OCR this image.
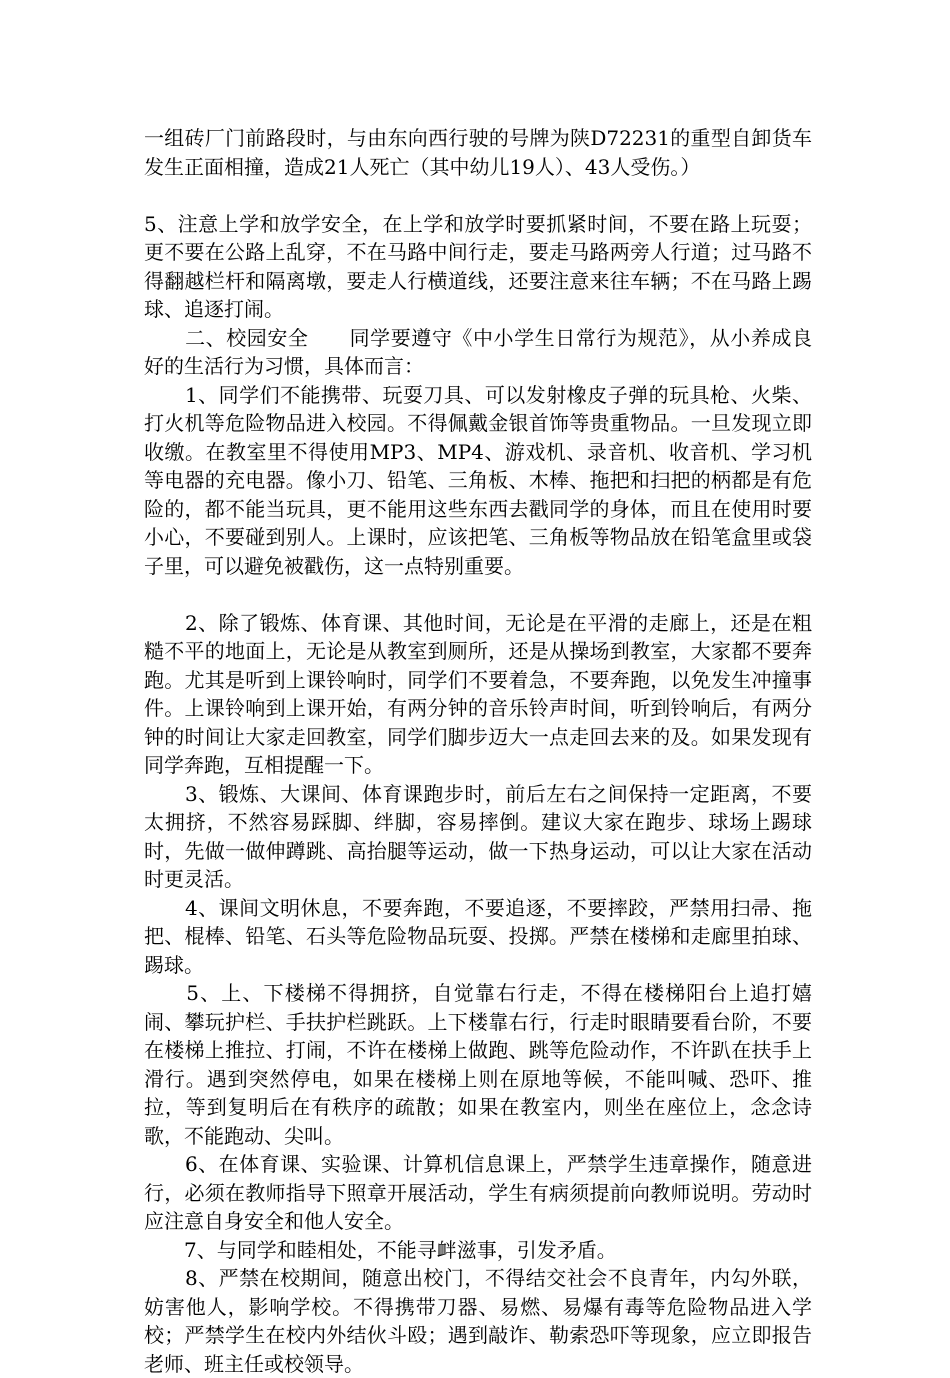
一组砖厂门前路段时，与由东向西行驶的号牌为陕D72231的重型自卸货车发生正面相撞，造成21人死亡（其中幼儿19人）、43人受伤。）

5、注意上学和放学安全，在上学和放学时要抓紧时间，不要在路上玩耍；更不要在公路上乱穿，不在马路中间行走，要走马路两旁人行道；过马路不得翻越栏杆和隔离墩，要走人行横道线，还要注意来往车辆；不在马路上踢球、追逐打闹。

　　二、校园安全　　同学要遵守《中小学生日常行为规范》，从小养成良好的生活行为习惯，具体而言：

　　1、同学们不能携带、玩耍刀具、可以发射橡皮子弹的玩具枪、火柴、打火机等危险物品进入校园。不得佩戴金银首饰等贵重物品。一旦发现立即收缴。在教室里不得使用MP3、MP4、游戏机、录音机、收音机、学习机等电器的充电器。像小刀、铅笔、三角板、木棒、拖把和扫把的柄都是有危险的，都不能当玩具，更不能用这些东西去戳同学的身体，而且在使用时要小心，不要碰到别人。上课时，应该把笔、三角板等物品放在铅笔盒里或袋子里，可以避免被戳伤，这一点特别重要。

　　2、除了锻炼、体育课、其他时间，无论是在平滑的走廊上，还是在粗糙不平的地面上，无论是从教室到厕所，还是从操场到教室，大家都不要奔跑。尤其是听到上课铃响时，同学们不要着急，不要奔跑，以免发生冲撞事件。上课铃响到上课开始，有两分钟的音乐铃声时间，听到铃响后，有两分钟的时间让大家走回教室，同学们脚步迈大一点走回去来的及。如果发现有同学奔跑，互相提醒一下。

　　3、锻炼、大课间、体育课跑步时，前后左右之间保持一定距离，不要太拥挤，不然容易踩脚、绊脚，容易摔倒。建议大家在跑步、球场上踢球时，先做一做伸蹲跳、高抬腿等运动，做一下热身运动，可以让大家在活动时更灵活。

　　4、课间文明休息，不要奔跑，不要追逐，不要摔跤，严禁用扫帚、拖把、棍棒、铅笔、石头等危险物品玩耍、投掷。严禁在楼梯和走廊里拍球、踢球。

　　5、上、下楼梯不得拥挤，自觉靠右行走，不得在楼梯阳台上追打嬉闹、攀玩护栏、手扶护栏跳跃。上下楼靠右行，行走时眼睛要看台阶，不要在楼梯上推拉、打闹，不许在楼梯上做跑、跳等危险动作，不许趴在扶手上滑行。遇到突然停电，如果在楼梯上则在原地等候，不能叫喊、恐吓、推拉，等到复明后在有秩序的疏散；如果在教室内，则坐在座位上，念念诗歌，不能跑动、尖叫。

　　6、在体育课、实验课、计算机信息课上，严禁学生违章操作，随意进行，必须在教师指导下照章开展活动，学生有病须提前向教师说明。劳动时应注意自身安全和他人安全。

　　7、与同学和睦相处，不能寻衅滋事，引发矛盾。

　　8、严禁在校期间，随意出校门，不得结交社会不良青年，内勾外联，妨害他人，影响学校。不得携带刀器、易燃、易爆有毒等危险物品进入学校；严禁学生在校内外结伙斗殴；遇到敲诈、勒索恐吓等现象，应立即报告老师、班主任或校领导。
